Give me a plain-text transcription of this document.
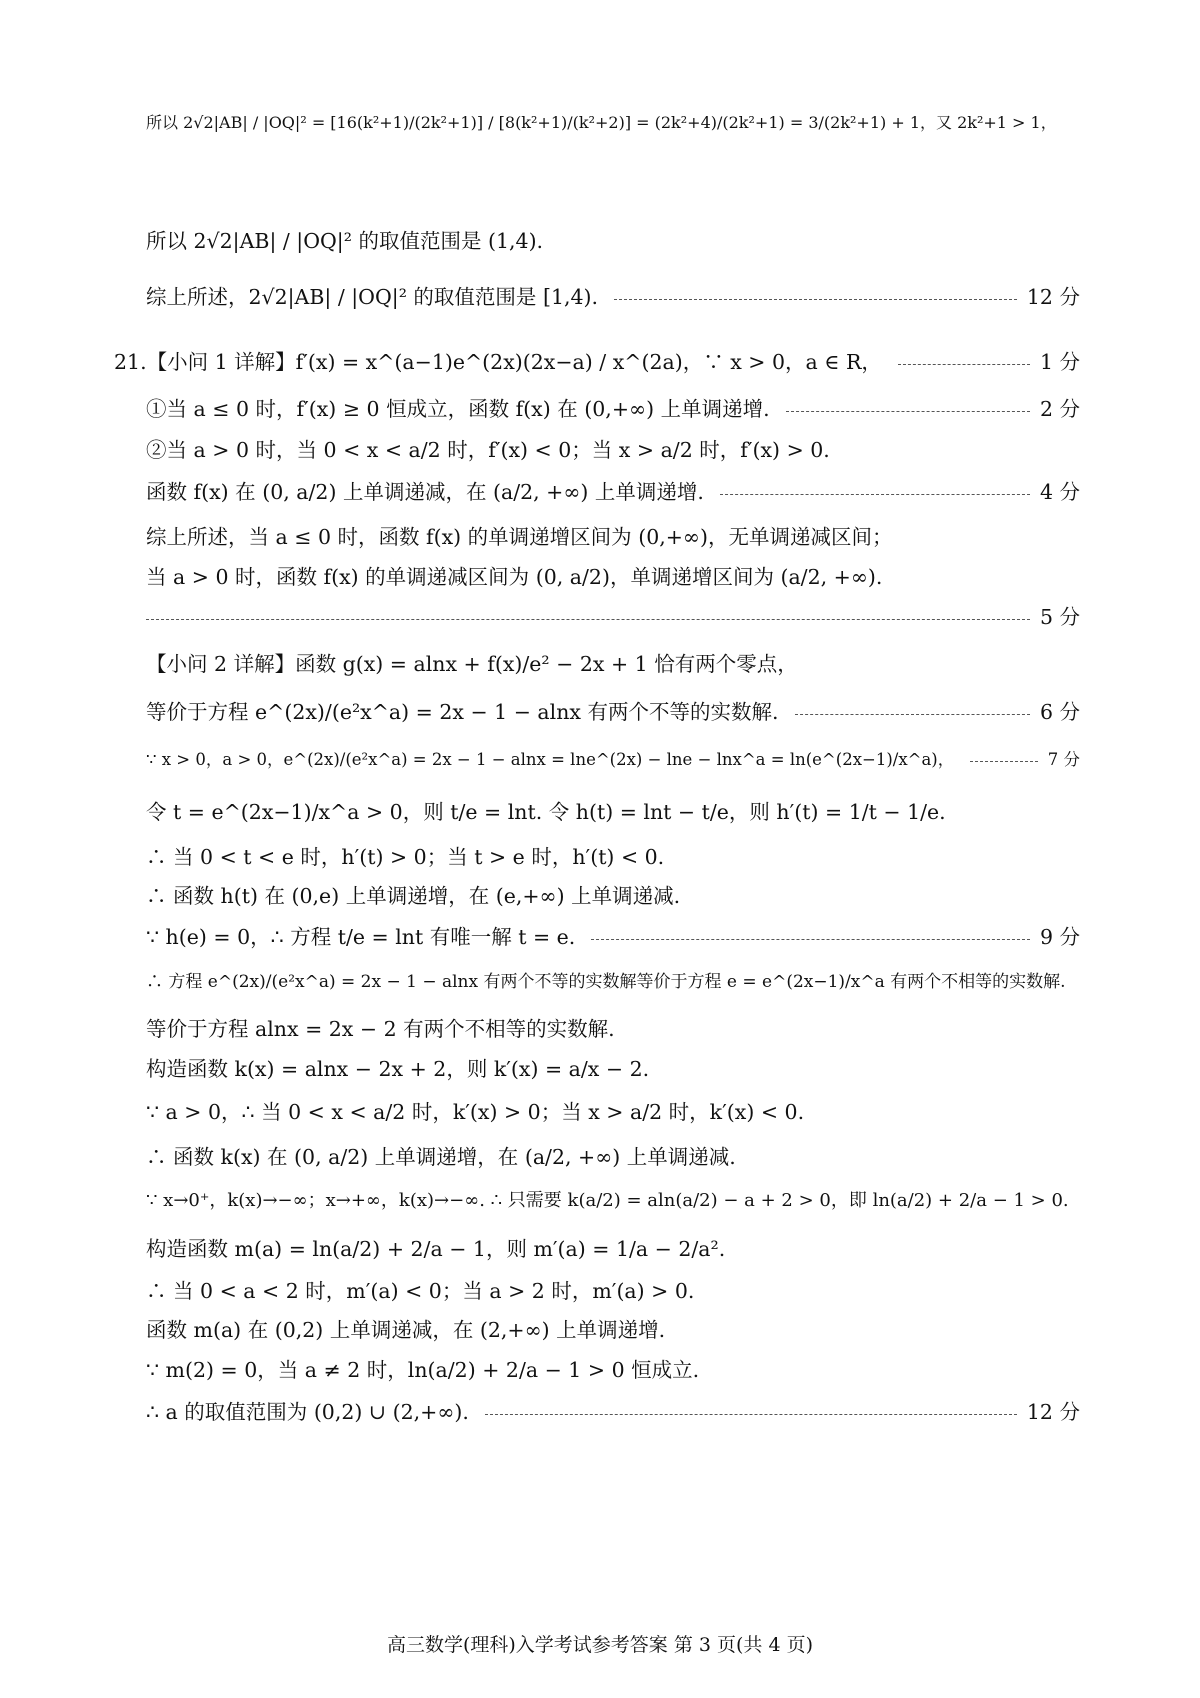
所以 2√2|AB| / |OQ|² = [16(k²+1)/(2k²+1)] / [8(k²+1)/(k²+2)] = (2k²+4)/(2k²+1) = 3/(2k²+1) + 1，又 2k²+1 > 1，
所以 2√2|AB| / |OQ|² 的取值范围是 (1,4).
综上所述，2√2|AB| / |OQ|² 的取值范围是 [1,4).	12 分
21.【小问 1 详解】f′(x) = x^(a−1)e^(2x)(2x−a) / x^(2a)，∵ x > 0，a ∈ R，	1 分
①当 a ≤ 0 时，f′(x) ≥ 0 恒成立，函数 f(x) 在 (0,+∞) 上单调递增.	2 分
②当 a > 0 时，当 0 < x < a/2 时，f′(x) < 0；当 x > a/2 时，f′(x) > 0.
函数 f(x) 在 (0, a/2) 上单调递减，在 (a/2, +∞) 上单调递增.	4 分
综上所述，当 a ≤ 0 时，函数 f(x) 的单调递增区间为 (0,+∞)，无单调递减区间；
当 a > 0 时，函数 f(x) 的单调递减区间为 (0, a/2)，单调递增区间为 (a/2, +∞).
5 分
【小问 2 详解】函数 g(x) = alnx + f(x)/e² − 2x + 1 恰有两个零点，
等价于方程 e^(2x)/(e²x^a) = 2x − 1 − alnx 有两个不等的实数解.	6 分
∵ x > 0，a > 0，e^(2x)/(e²x^a) = 2x − 1 − alnx = lne^(2x) − lne − lnx^a = ln(e^(2x−1)/x^a)，	7 分
令 t = e^(2x−1)/x^a > 0，则 t/e = lnt. 令 h(t) = lnt − t/e，则 h′(t) = 1/t − 1/e.
∴ 当 0 < t < e 时，h′(t) > 0；当 t > e 时，h′(t) < 0.
∴ 函数 h(t) 在 (0,e) 上单调递增，在 (e,+∞) 上单调递减.
∵ h(e) = 0，∴ 方程 t/e = lnt 有唯一解 t = e.	9 分
∴ 方程 e^(2x)/(e²x^a) = 2x − 1 − alnx 有两个不等的实数解等价于方程 e = e^(2x−1)/x^a 有两个不相等的实数解.
等价于方程 alnx = 2x − 2 有两个不相等的实数解.
构造函数 k(x) = alnx − 2x + 2，则 k′(x) = a/x − 2.
∵ a > 0，∴ 当 0 < x < a/2 时，k′(x) > 0；当 x > a/2 时，k′(x) < 0.
∴ 函数 k(x) 在 (0, a/2) 上单调递增，在 (a/2, +∞) 上单调递减.
∵ x→0⁺，k(x)→−∞；x→+∞，k(x)→−∞. ∴ 只需要 k(a/2) = aln(a/2) − a + 2 > 0，即 ln(a/2) + 2/a − 1 > 0.
构造函数 m(a) = ln(a/2) + 2/a − 1，则 m′(a) = 1/a − 2/a².
∴ 当 0 < a < 2 时，m′(a) < 0；当 a > 2 时，m′(a) > 0.
函数 m(a) 在 (0,2) 上单调递减，在 (2,+∞) 上单调递增.
∵ m(2) = 0，当 a ≠ 2 时，ln(a/2) + 2/a − 1 > 0 恒成立.
∴ a 的取值范围为 (0,2) ∪ (2,+∞).	12 分
高三数学(理科)入学考试参考答案 第 3 页(共 4 页)
